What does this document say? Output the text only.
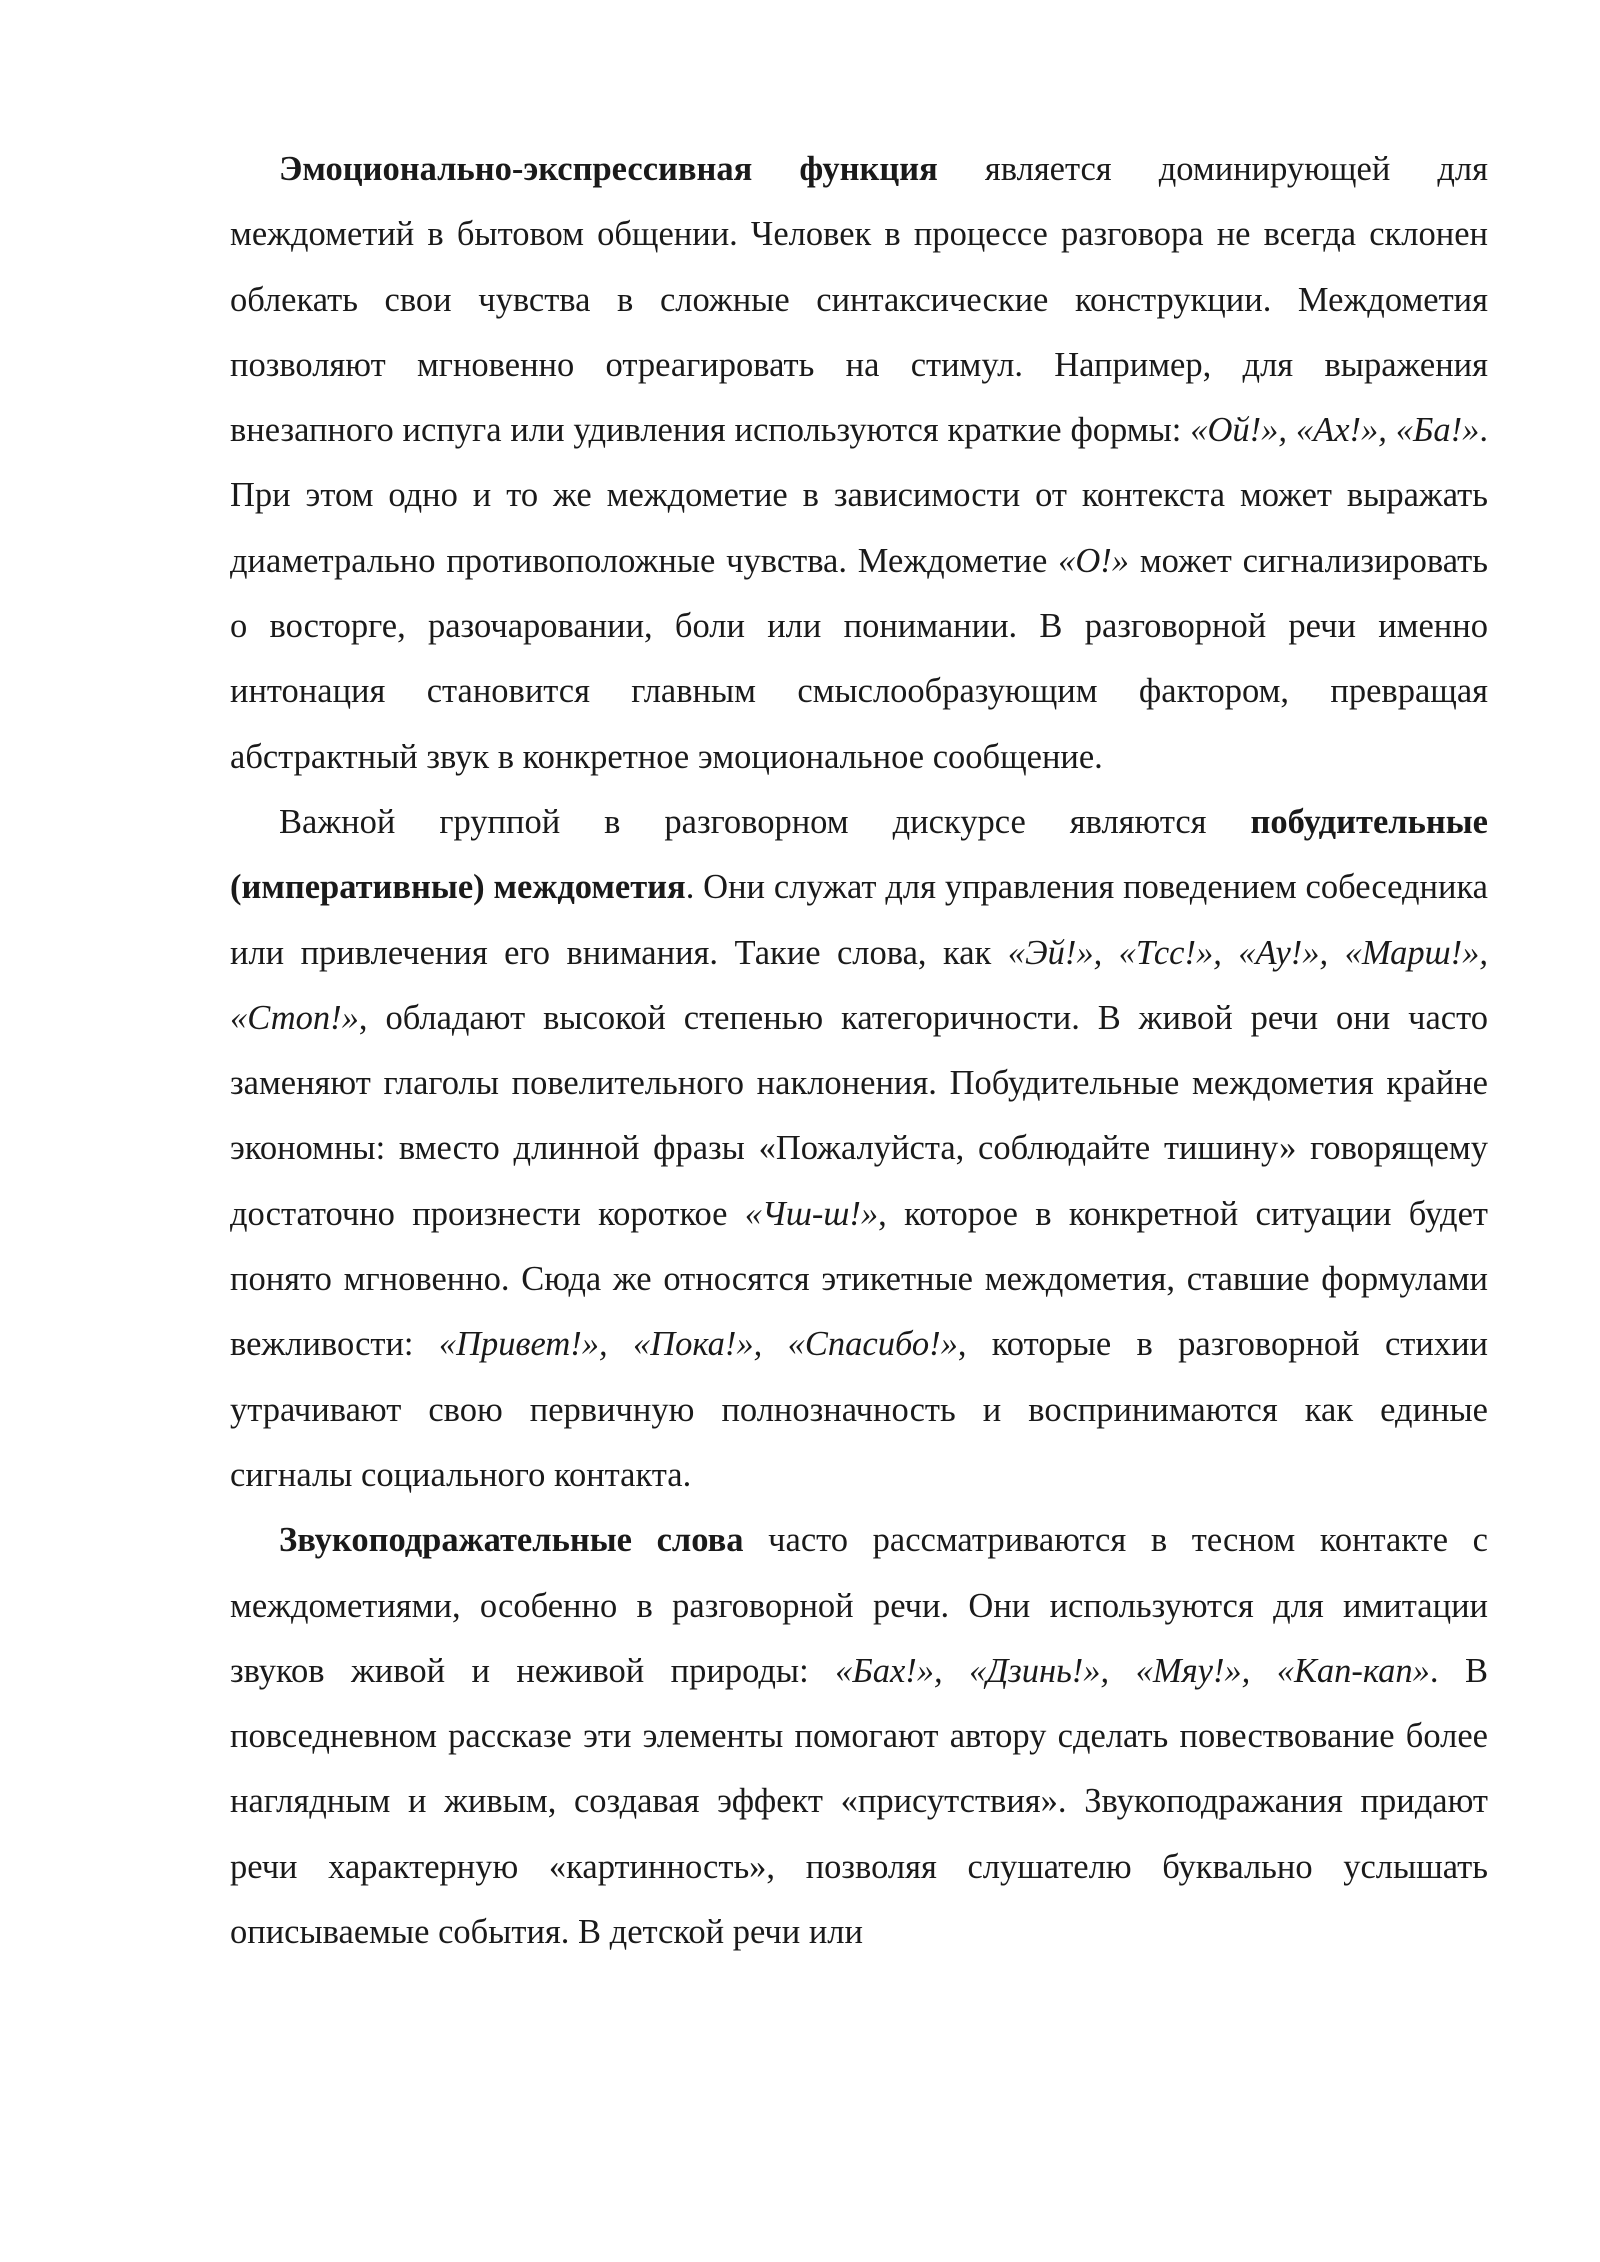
Эмоционально-экспрессивная функция является доминирующей для междометий в бытовом общении. Человек в процессе разговора не всегда склонен облекать свои чувства в сложные синтаксические конструкции. Междометия позволяют мгновенно отреагировать на стимул. Например, для выражения внезапного испуга или удивления используются краткие формы: «Ой!», «Ах!», «Ба!». При этом одно и то же междометие в зависимости от контекста может выражать диаметрально противоположные чувства. Междометие «О!» может сигнализировать о восторге, разочаровании, боли или понимании. В разговорной речи именно интонация становится главным смыслообразующим фактором, превращая абстрактный звук в конкретное эмоциональное сообщение.

Важной группой в разговорном дискурсе являются побудительные (императивные) междометия. Они служат для управления поведением собеседника или привлечения его внимания. Такие слова, как «Эй!», «Тсс!», «Ау!», «Марш!», «Стоп!», обладают высокой степенью категоричности. В живой речи они часто заменяют глаголы повелительного наклонения. Побудительные междометия крайне экономны: вместо длинной фразы «Пожалуйста, соблюдайте тишину» говорящему достаточно произнести короткое «Чш-ш!», которое в конкретной ситуации будет понято мгновенно. Сюда же относятся этикетные междометия, ставшие формулами вежливости: «Привет!», «Пока!», «Спасибо!», которые в разговорной стихии утрачивают свою первичную полнозначность и воспринимаются как единые сигналы социального контакта.

Звукоподражательные слова часто рассматриваются в тесном контакте с междометиями, особенно в разговорной речи. Они используются для имитации звуков живой и неживой природы: «Бах!», «Дзинь!», «Мяу!», «Кап-кап». В повседневном рассказе эти элементы помогают автору сделать повествование более наглядным и живым, создавая эффект «присутствия». Звукоподражания придают речи характерную «картинность», позволяя слушателю буквально услышать описываемые события. В детской речи или
